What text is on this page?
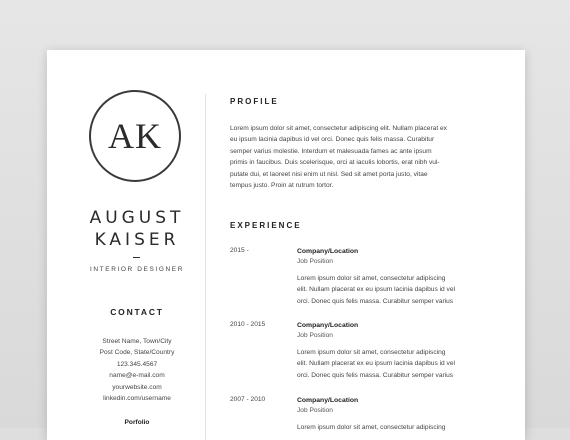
AK
AUGUST
KAISER
INTERIOR DESIGNER
CONTACT
Street Name, Town/City
Post Code, State/Country
123.345.4567
name@e-mail.com
yourwebsite.com
linkedin.com/username
Porfolio
PROFILE
Lorem ipsum dolor sit amet, consectetur adipiscing elit. Nullam placerat ex
eu ipsum lacinia dapibus id vel orci. Donec quis felis massa. Curabitur
semper varius molestie. Interdum et malesuada fames ac ante ipsum
primis in faucibus. Duis scelerisque, orci at iaculis lobortis, erat nibh vul-
putate dui, et laoreet nisi enim ut nisl. Sed sit amet porta justo, vitae
tempus justo. Proin at rutrum tortor.
EXPERIENCE
2015 -	Company/Location
Job Position
Lorem ipsum dolor sit amet, consectetur adipiscing
elit. Nullam placerat ex eu ipsum lacinia dapibus id vel
orci. Donec quis felis massa. Curabitur semper varius
2010 - 2015	Company/Location
Job Position
Lorem ipsum dolor sit amet, consectetur adipiscing
elit. Nullam placerat ex eu ipsum lacinia dapibus id vel
orci. Donec quis felis massa. Curabitur semper varius
2007 - 2010	Company/Location
Job Position
Lorem ipsum dolor sit amet, consectetur adipiscing
